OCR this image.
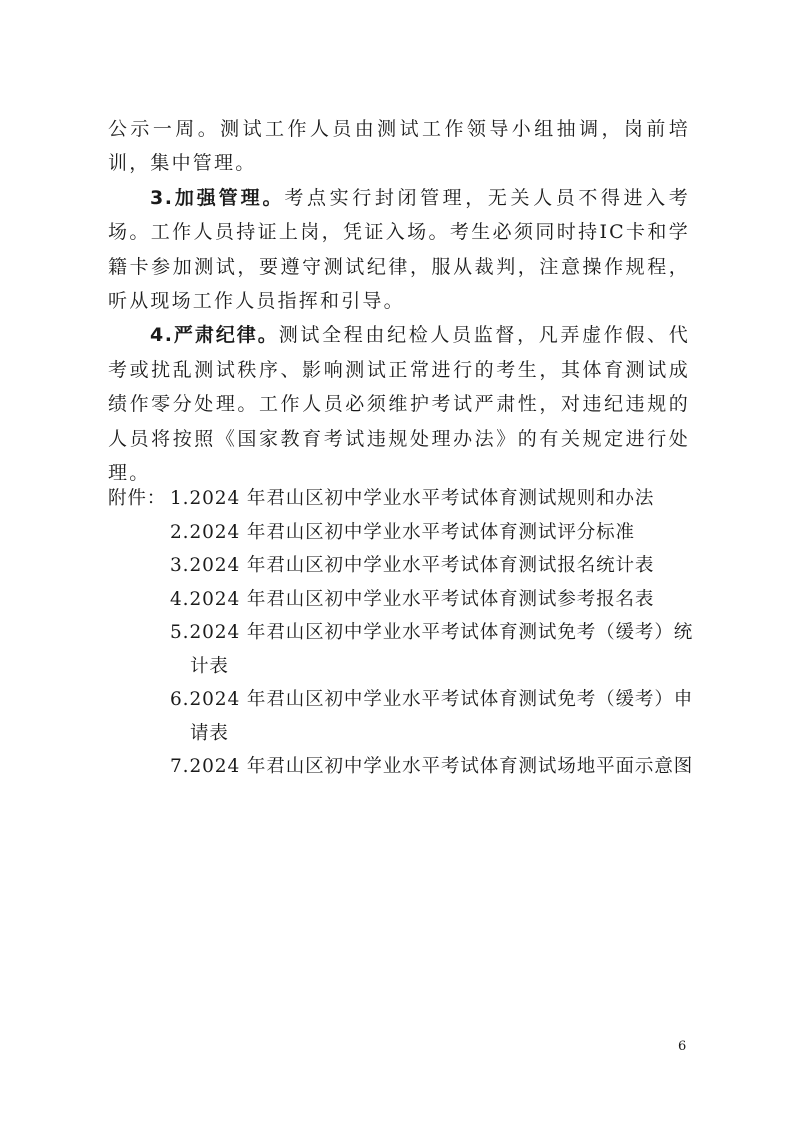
公示一周。测试工作人员由测试工作领导小组抽调，岗前培训，集中管理。

3.加强管理。考点实行封闭管理，无关人员不得进入考场。工作人员持证上岗，凭证入场。考生必须同时持IC卡和学籍卡参加测试，要遵守测试纪律，服从裁判，注意操作规程，听从现场工作人员指挥和引导。

4.严肃纪律。测试全程由纪检人员监督，凡弄虚作假、代考或扰乱测试秩序、影响测试正常进行的考生，其体育测试成绩作零分处理。工作人员必须维护考试严肃性，对违纪违规的人员将按照《国家教育考试违规处理办法》的有关规定进行处理。

附件： 1.2024 年君山区初中学业水平考试体育测试规则和办法
2.2024 年君山区初中学业水平考试体育测试评分标准
3.2024 年君山区初中学业水平考试体育测试报名统计表
4.2024 年君山区初中学业水平考试体育测试参考报名表
5.2024 年君山区初中学业水平考试体育测试免考（缓考）统计表
6.2024 年君山区初中学业水平考试体育测试免考（缓考）申请表
7.2024 年君山区初中学业水平考试体育测试场地平面示意图
6
